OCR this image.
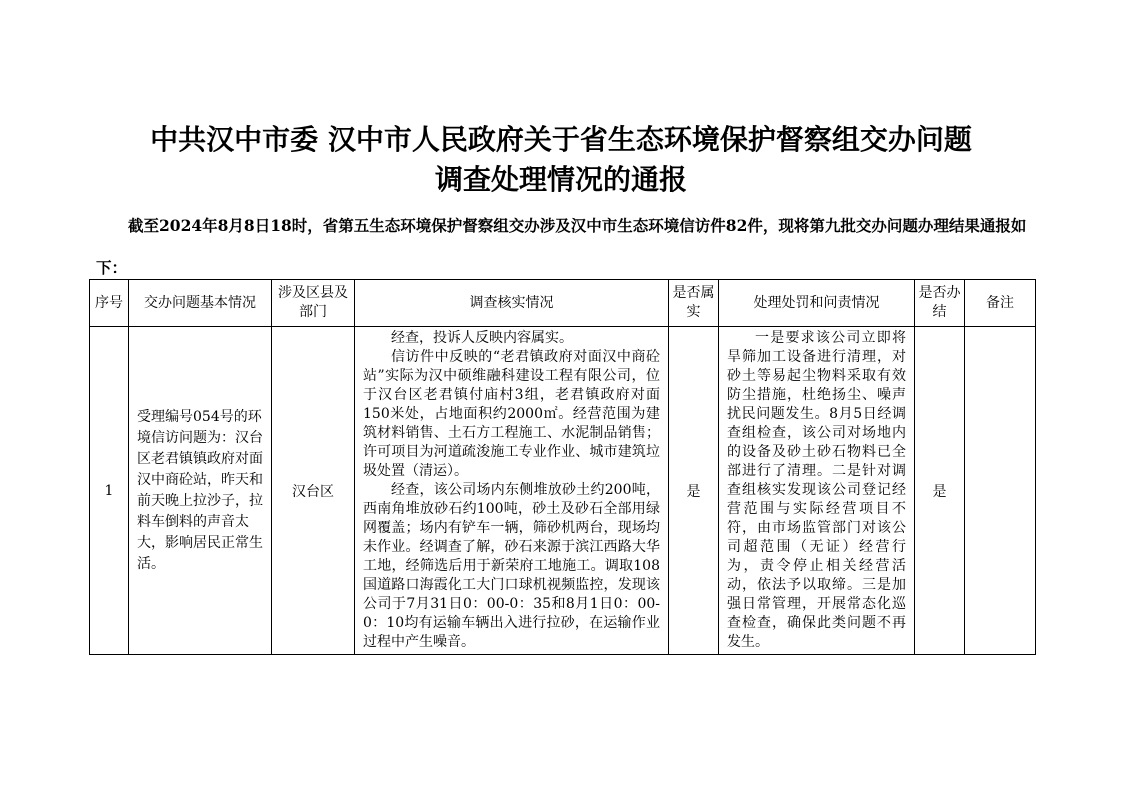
中共汉中市委 汉中市人民政府关于省生态环境保护督察组交办问题
调查处理情况的通报
截至2024年8月8日18时，省第五生态环境保护督察组交办涉及汉中市生态环境信访件82件，现将第九批交办问题办理结果通报如下：
序号	交办问题基本情况	涉及区县及部门	调查核实情况	是否属实	处理处罚和问责情况	是否办结	备注
1	受理编号054号的环境信访问题为：汉台区老君镇镇政府对面汉中商砼站，昨天和前天晚上拉沙子，拉料车倒料的声音太大，影响居民正常生活。	汉台区	经查，投诉人反映内容属实。

信访件中反映的“老君镇政府对面汉中商砼站”实际为汉中硕维融科建设工程有限公司，位于汉台区老君镇付庙村3组，老君镇政府对面150米处，占地面积约2000㎡。经营范围为建筑材料销售、土石方工程施工、水泥制品销售；许可项目为河道疏浚施工专业作业、城市建筑垃圾处置（清运）。

经查，该公司场内东侧堆放砂土约200吨，西南角堆放砂石约100吨，砂土及砂石全部用绿网覆盖；场内有铲车一辆，筛砂机两台，现场均未作业。经调查了解，砂石来源于滨江西路大华工地，经筛选后用于新荣府工地施工。调取108国道路口海霞化工大门口球机视频监控，发现该公司于7月31日0：00-0：35和8月1日0：00-0：10均有运输车辆出入进行拉砂，在运输作业过程中产生噪音。	是	一是要求该公司立即将旱筛加工设备进行清理，对砂土等易起尘物料采取有效防尘措施，杜绝扬尘、噪声扰民问题发生。8月5日经调查组检查，该公司对场地内的设备及砂土砂石物料已全部进行了清理。二是针对调查组核实发现该公司登记经营范围与实际经营项目不符，由市场监管部门对该公司超范围（无证）经营行为，责令停止相关经营活动，依法予以取缔。三是加强日常管理，开展常态化巡查检查，确保此类问题不再发生。	是	
